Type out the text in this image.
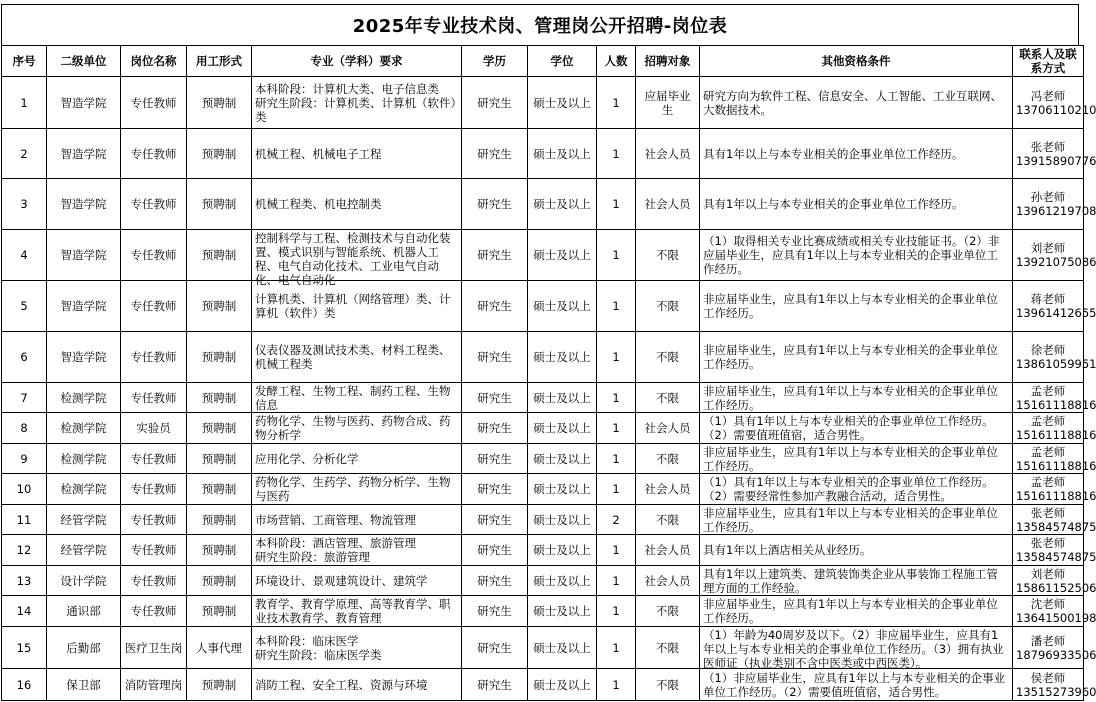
2025年专业技术岗、管理岗公开招聘-岗位表
序号	二级单位	岗位名称	用工形式	专业（学科）要求	学历	学位	人数	招聘对象	其他资格条件	联系人及联系方式

1	智造学院	专任教师	预聘制	本科阶段：计算机大类、电子信息类
研究生阶段：计算机类、计算机（软件）类	研究生	硕士及以上	1	应届毕业生	研究方向为软件工程、信息安全、人工智能、工业互联网、大数据技术。	冯老师
13706110210

2	智造学院	专任教师	预聘制	机械工程、机械电子工程	研究生	硕士及以上	1	社会人员	具有1年以上与本专业相关的企事业单位工作经历。	张老师
13915890776

3	智造学院	专任教师	预聘制	机械工程类、机电控制类	研究生	硕士及以上	1	社会人员	具有1年以上与本专业相关的企事业单位工作经历。	孙老师
13961219708

4	智造学院	专任教师	预聘制	控制科学与工程、检测技术与自动化装置、模式识别与智能系统、机器人工程、电气自动化技术、工业电气自动化、电气自动化	研究生	硕士及以上	1	不限	（1）取得相关专业比赛成绩或相关专业技能证书。（2）非应届毕业生，应具有1年以上与本专业相关的企事业单位工作经历。	刘老师
13921075086

5	智造学院	专任教师	预聘制	计算机类、计算机（网络管理）类、计算机（软件）类	研究生	硕士及以上	1	不限	非应届毕业生，应具有1年以上与本专业相关的企事业单位工作经历。	蒋老师
13961412655

6	智造学院	专任教师	预聘制	仪表仪器及测试技术类、材料工程类、机械工程类	研究生	硕士及以上	1	不限	非应届毕业生，应具有1年以上与本专业相关的企事业单位工作经历。	徐老师
13861059951

7	检测学院	专任教师	预聘制	发酵工程、生物工程、制药工程、生物信息	研究生	硕士及以上	1	不限	非应届毕业生，应具有1年以上与本专业相关的企事业单位工作经历。	孟老师
15161118816

8	检测学院	实验员	预聘制	药物化学、生物与医药、药物合成、药物分析学	研究生	硕士及以上	1	社会人员	（1）具有1年以上与本专业相关的企事业单位工作经历。（2）需要值班值宿，适合男性。	孟老师
15161118816

9	检测学院	专任教师	预聘制	应用化学、分析化学	研究生	硕士及以上	1	不限	非应届毕业生，应具有1年以上与本专业相关的企事业单位工作经历。	孟老师
15161118816

10	检测学院	专任教师	预聘制	药物化学、生药学、药物分析学、生物与医药	研究生	硕士及以上	1	社会人员	（1）具有1年以上与本专业相关的企事业单位工作经历。（2）需要经常性参加产教融合活动，适合男性。	孟老师
15161118816

11	经管学院	专任教师	预聘制	市场营销、工商管理、物流管理	研究生	硕士及以上	2	不限	非应届毕业生，应具有1年以上与本专业相关的企事业单位工作经历。	张老师
13584574875

12	经管学院	专任教师	预聘制	本科阶段：酒店管理、旅游管理
研究生阶段：旅游管理	研究生	硕士及以上	1	社会人员	具有1年以上酒店相关从业经历。	张老师
13584574875

13	设计学院	专任教师	预聘制	环境设计、景观建筑设计、建筑学	研究生	硕士及以上	1	社会人员	具有1年以上建筑类、建筑装饰类企业从事装饰工程施工管理方面的工作经验。	刘老师
15861152506

14	通识部	专任教师	预聘制	教育学、教育学原理、高等教育学、职业技术教育学、教育管理	研究生	硕士及以上	1	不限	非应届毕业生，应具有1年以上与本专业相关的企事业单位工作经历。	沈老师
13641500198

15	后勤部	医疗卫生岗	人事代理	本科阶段：临床医学
研究生阶段：临床医学类	研究生	硕士及以上	1	不限	（1）年龄为40周岁及以下。（2）非应届毕业生，应具有1年以上与本专业相关的企事业单位工作经历。（3）拥有执业医师证（执业类别不含中医类或中西医类）。	潘老师
18796933506

16	保卫部	消防管理岗	预聘制	消防工程、安全工程、资源与环境	研究生	硕士及以上	1	不限	（1）非应届毕业生，应具有1年以上与本专业相关的企事业单位工作经历。（2）需要值班值宿，适合男性。	侯老师
13515273960
